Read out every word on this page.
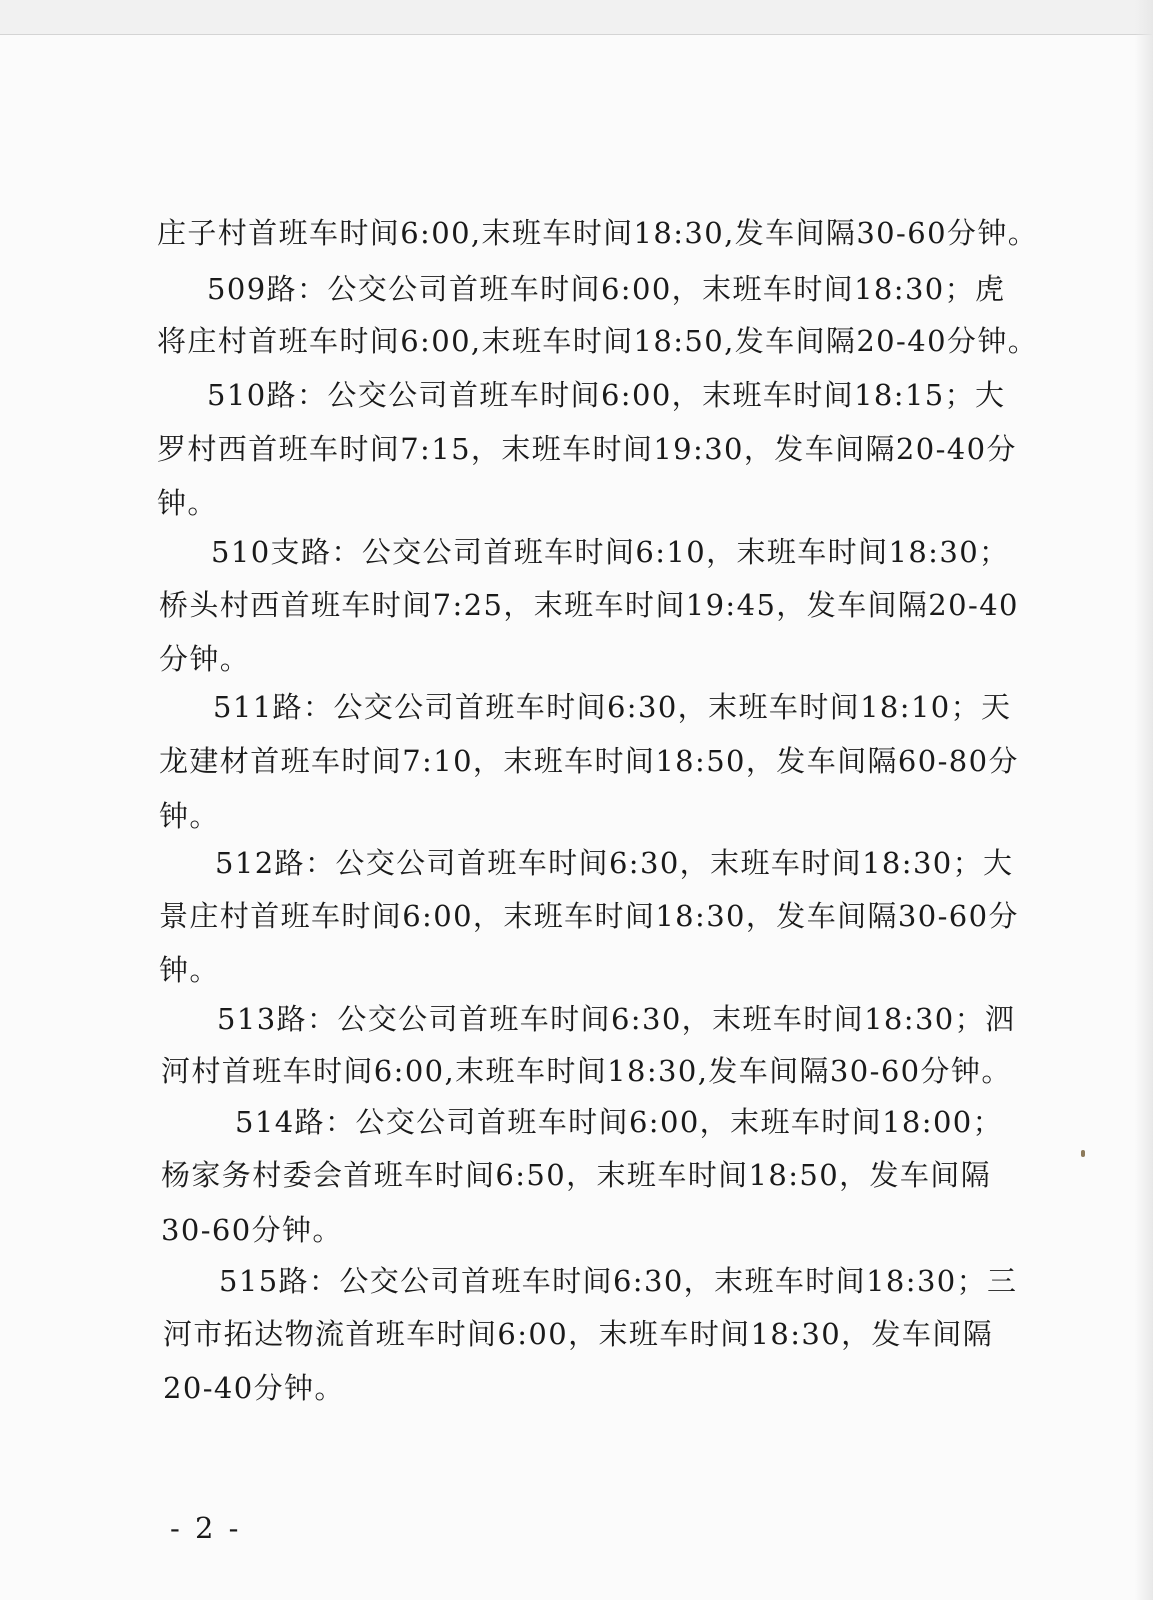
庄子村首班车时间6:00,末班车时间18:30,发车间隔30-60分钟。
509路：公交公司首班车时间6:00，末班车时间18:30；虎
将庄村首班车时间6:00,末班车时间18:50,发车间隔20-40分钟。
510路：公交公司首班车时间6:00，末班车时间18:15；大
罗村西首班车时间7:15，末班车时间19:30，发车间隔20-40分
钟。
510支路：公交公司首班车时间6:10，末班车时间18:30；
桥头村西首班车时间7:25，末班车时间19:45，发车间隔20-40
分钟。
511路：公交公司首班车时间6:30，末班车时间18:10；天
龙建材首班车时间7:10，末班车时间18:50，发车间隔60-80分
钟。
512路：公交公司首班车时间6:30，末班车时间18:30；大
景庄村首班车时间6:00，末班车时间18:30，发车间隔30-60分
钟。
513路：公交公司首班车时间6:30，末班车时间18:30；泗
河村首班车时间6:00,末班车时间18:30,发车间隔30-60分钟。
514路：公交公司首班车时间6:00，末班车时间18:00；
杨家务村委会首班车时间6:50，末班车时间18:50，发车间隔
30-60分钟。
515路：公交公司首班车时间6:30，末班车时间18:30；三
河市拓达物流首班车时间6:00，末班车时间18:30，发车间隔
20-40分钟。
- 2 -
